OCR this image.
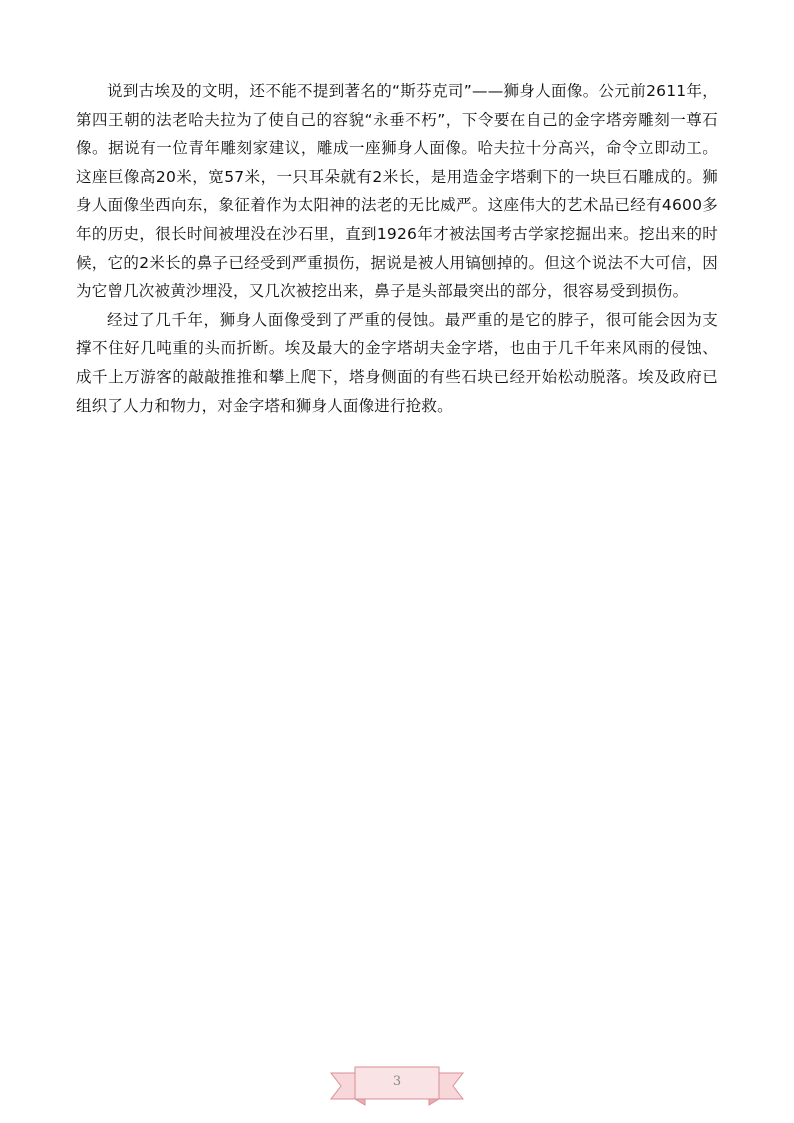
说到古埃及的文明，还不能不提到著名的“斯芬克司”——狮身人面像。公元前2611年，第四王朝的法老哈夫拉为了使自己的容貌“永垂不朽”，下令要在自己的金字塔旁雕刻一尊石像。据说有一位青年雕刻家建议，雕成一座狮身人面像。哈夫拉十分高兴，命令立即动工。这座巨像高20米，宽57米，一只耳朵就有2米长，是用造金字塔剩下的一块巨石雕成的。狮身人面像坐西向东，象征着作为太阳神的法老的无比威严。这座伟大的艺术品已经有4600多年的历史，很长时间被埋没在沙石里，直到1926年才被法国考古学家挖掘出来。挖出来的时候，它的2米长的鼻子已经受到严重损伤，据说是被人用镐刨掉的。但这个说法不大可信，因为它曾几次被黄沙埋没，又几次被挖出来，鼻子是头部最突出的部分，很容易受到损伤。

经过了几千年，狮身人面像受到了严重的侵蚀。最严重的是它的脖子，很可能会因为支撑不住好几吨重的头而折断。埃及最大的金字塔胡夫金字塔，也由于几千年来风雨的侵蚀、成千上万游客的敲敲推推和攀上爬下，塔身侧面的有些石块已经开始松动脱落。埃及政府已组织了人力和物力，对金字塔和狮身人面像进行抢救。

3
